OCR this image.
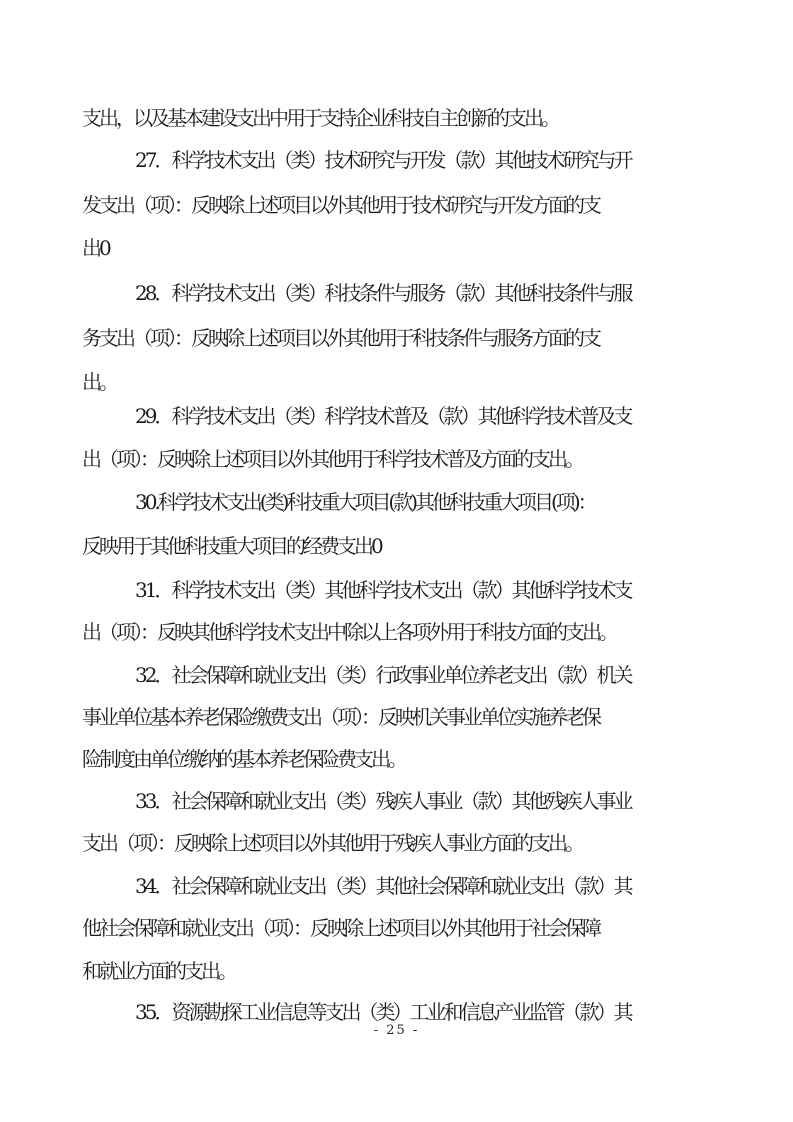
支出，以及基本建设支出中用于支持企业科技自主创新的支出。
27．科学技术支出（类）技术研究与开发（款）其他技术研究与开
发支出（项）：反映除上述项目以外其他用于技术研究与开发方面的支
出0
28．科学技术支出（类）科技条件与服务（款）其他科技条件与服
务支出（项）：反映除上述项目以外其他用于科技条件与服务方面的支
出。
29．科学技术支出（类）科学技术普及（款）其他科学技术普及支
出（项）：反映除上述项目以外其他用于科学技术普及方面的支出。
30.科学技术支出(类)科技重大项目(款)其他科技重大项目(项)：
反映用于其他科技重大项目的经费支出0
31．科学技术支出（类）其他科学技术支出（款）其他科学技术支
出（项）：反映其他科学技术支出中除以上各项外用于科技方面的支出。
32．社会保障和就业支出（类）行政事业单位养老支出（款）机关
事业单位基本养老保险缴费支出（项）：反映机关事业单位实施养老保
险制度由单位缴纳的基本养老保险费支出。
33．社会保障和就业支出（类）残疾人事业（款）其他残疾人事业
支出（项）：反映除上述项目以外其他用于残疾人事业方面的支出。
34．社会保障和就业支出（类）其他社会保障和就业支出（款）其
他社会保障和就业支出（项）：反映除上述项目以外其他用于社会保障
和就业方面的支出。
35．资源勘探工业信息等支出（类）工业和信息产业监管（款）其
- 25 -
